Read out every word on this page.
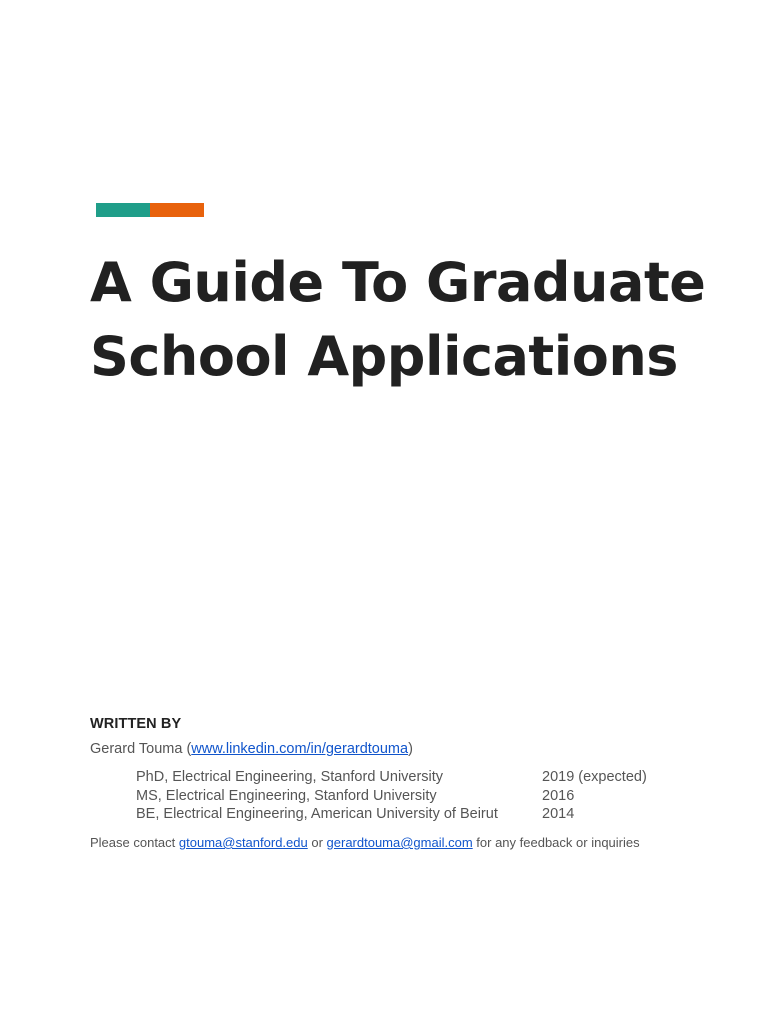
A Guide To Graduate
School Applications
WRITTEN BY
Gerard Touma (www.linkedin.com/in/gerardtouma)
PhD, Electrical Engineering, Stanford University	2019 (expected)
MS, Electrical Engineering, Stanford University	2016
BE, Electrical Engineering, American University of Beirut	2014
Please contact gtouma@stanford.edu or gerardtouma@gmail.com for any feedback or inquiries
